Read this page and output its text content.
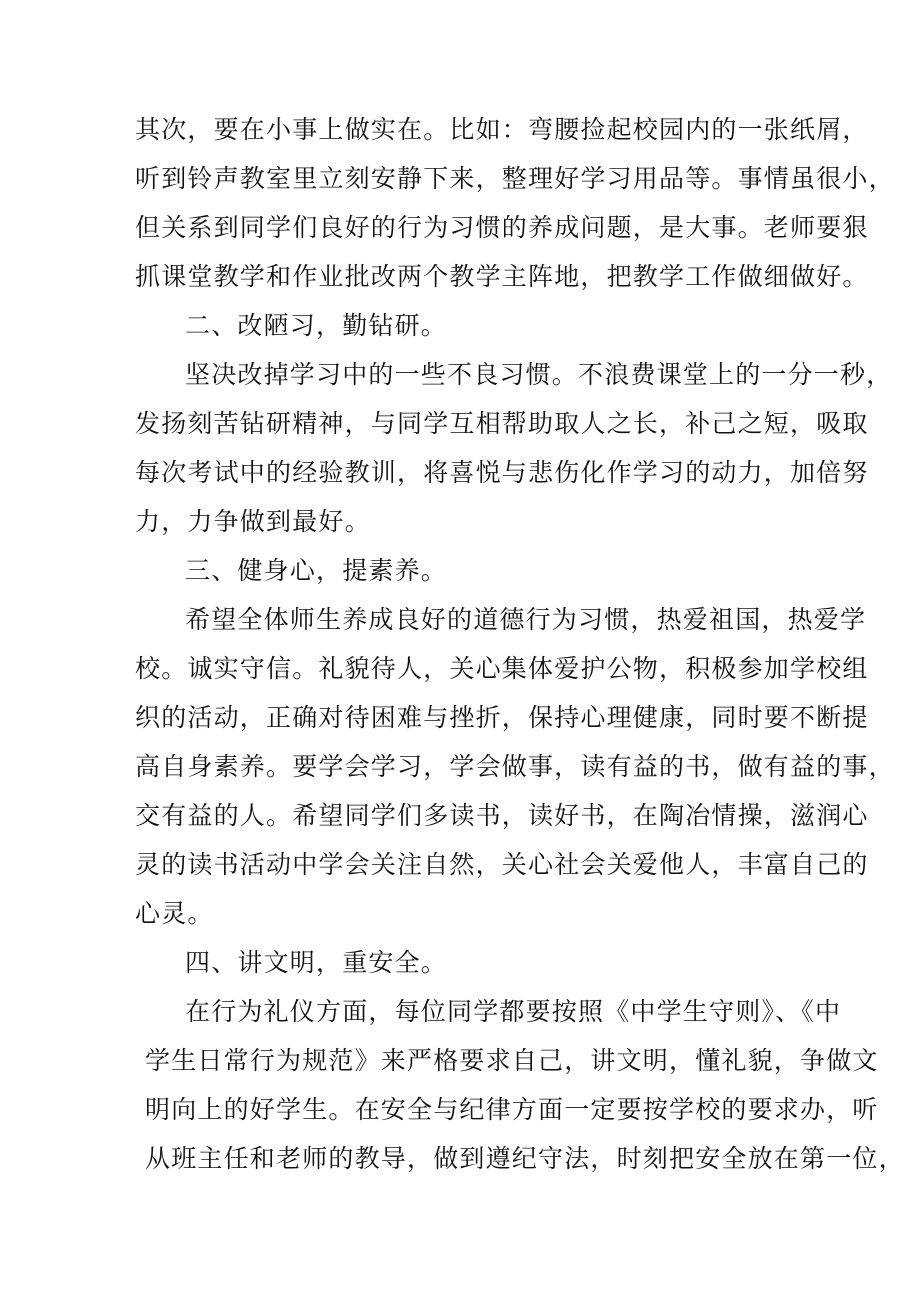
其次，要在小事上做实在。比如：弯腰捡起校园内的一张纸屑，
听到铃声教室里立刻安静下来，整理好学习用品等。事情虽很小，
但关系到同学们良好的行为习惯的养成问题，是大事。老师要狠
抓课堂教学和作业批改两个教学主阵地，把教学工作做细做好。
二、改陋习，勤钻研。
坚决改掉学习中的一些不良习惯。不浪费课堂上的一分一秒，
发扬刻苦钻研精神，与同学互相帮助取人之长，补己之短，吸取
每次考试中的经验教训，将喜悦与悲伤化作学习的动力，加倍努
力，力争做到最好。
三、健身心，提素养。
希望全体师生养成良好的道德行为习惯，热爱祖国，热爱学
校。诚实守信。礼貌待人，关心集体爱护公物，积极参加学校组
织的活动，正确对待困难与挫折，保持心理健康，同时要不断提
高自身素养。要学会学习，学会做事，读有益的书，做有益的事，
交有益的人。希望同学们多读书，读好书，在陶冶情操，滋润心
灵的读书活动中学会关注自然，关心社会关爱他人，丰富自己的
心灵。
四、讲文明，重安全。
在行为礼仪方面，每位同学都要按照《中学生守则》、《中
学生日常行为规范》来严格要求自己，讲文明，懂礼貌，争做文
明向上的好学生。在安全与纪律方面一定要按学校的要求办，听
从班主任和老师的教导，做到遵纪守法，时刻把安全放在第一位，
